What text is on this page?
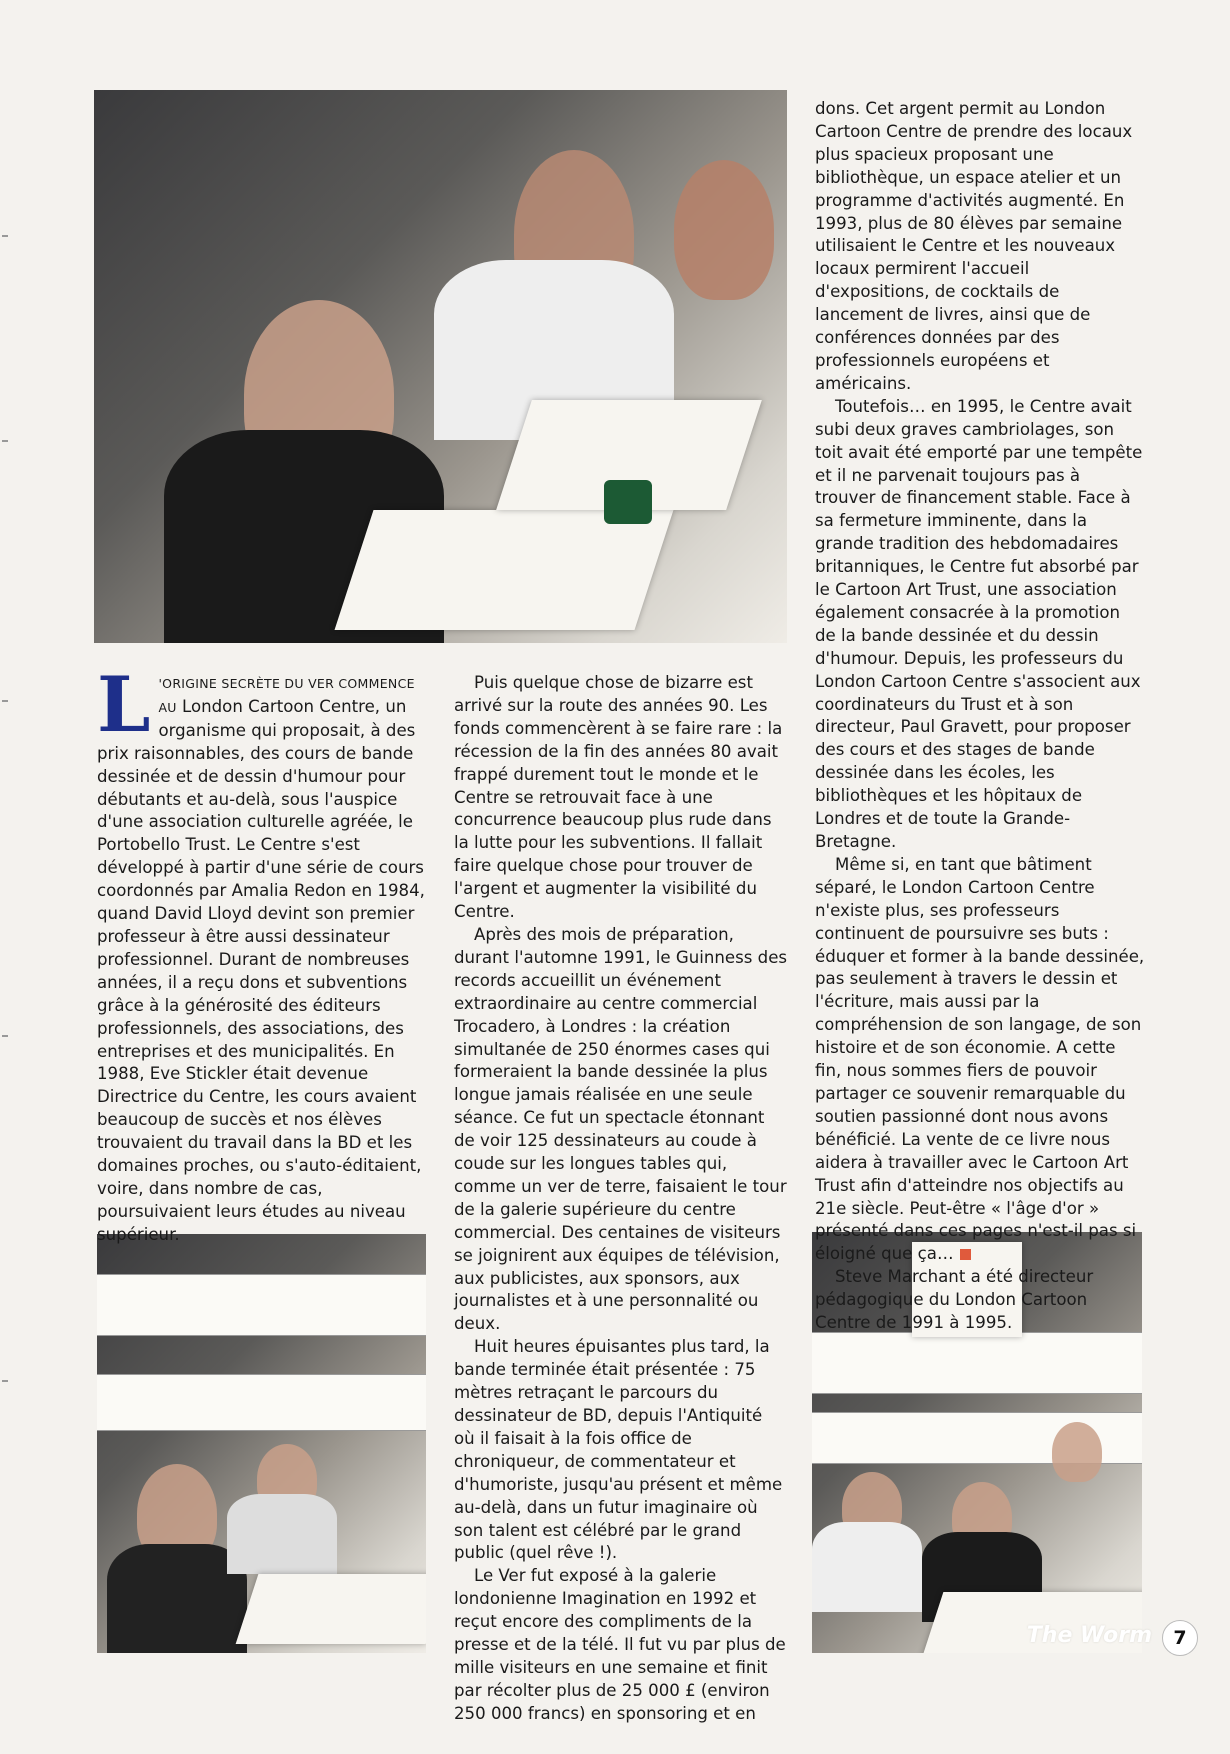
L 'ORIGINE SECRÈTE DU VER COMMENCE AU London Cartoon Centre, un organisme qui proposait, à des prix raisonnables, des cours de bande dessinée et de dessin d'humour pour débutants et au-delà, sous l'auspice d'une association culturelle agréée, le Portobello Trust. Le Centre s'est développé à partir d'une série de cours coordonnés par Amalia Redon en 1984, quand David Lloyd devint son premier professeur à être aussi dessinateur professionnel. Durant de nombreuses années, il a reçu dons et subventions grâce à la générosité des éditeurs professionnels, des associations, des entreprises et des municipalités. En 1988, Eve Stickler était devenue Directrice du Centre, les cours avaient beaucoup de succès et nos élèves trouvaient du travail dans la BD et les domaines proches, ou s'auto-éditaient, voire, dans nombre de cas, poursuivaient leurs études au niveau supérieur.

Puis quelque chose de bizarre est arrivé sur la route des années 90. Les fonds commencèrent à se faire rare : la récession de la fin des années 80 avait frappé durement tout le monde et le Centre se retrouvait face à une concurrence beaucoup plus rude dans la lutte pour les subventions. Il fallait faire quelque chose pour trouver de l'argent et augmenter la visibilité du Centre.

Après des mois de préparation, durant l'automne 1991, le Guinness des records accueillit un événement extraordinaire au centre commercial Trocadero, à Londres : la création simultanée de 250 énormes cases qui formeraient la bande dessinée la plus longue jamais réalisée en une seule séance. Ce fut un spectacle étonnant de voir 125 dessinateurs au coude à coude sur les longues tables qui, comme un ver de terre, faisaient le tour de la galerie supérieure du centre commercial. Des centaines de visiteurs se joignirent aux équipes de télévision, aux publicistes, aux sponsors, aux journalistes et à une personnalité ou deux.

Huit heures épuisantes plus tard, la bande terminée était présentée : 75 mètres retraçant le parcours du dessinateur de BD, depuis l'Antiquité où il faisait à la fois office de chroniqueur, de commentateur et d'humoriste, jusqu'au présent et même au-delà, dans un futur imaginaire où son talent est célébré par le grand public (quel rêve !).

Le Ver fut exposé à la galerie londonienne Imagination en 1992 et reçut encore des compliments de la presse et de la télé. Il fut vu par plus de mille visiteurs en une semaine et finit par récolter plus de 25 000 £ (environ 250 000 francs) en sponsoring et en

dons. Cet argent permit au London Cartoon Centre de prendre des locaux plus spacieux proposant une bibliothèque, un espace atelier et un programme d'activités augmenté. En 1993, plus de 80 élèves par semaine utilisaient le Centre et les nouveaux locaux permirent l'accueil d'expositions, de cocktails de lancement de livres, ainsi que de conférences données par des professionnels européens et américains.

Toutefois… en 1995, le Centre avait subi deux graves cambriolages, son toit avait été emporté par une tempête et il ne parvenait toujours pas à trouver de financement stable. Face à sa fermeture imminente, dans la grande tradition des hebdomadaires britanniques, le Centre fut absorbé par le Cartoon Art Trust, une association également consacrée à la promotion de la bande dessinée et du dessin d'humour. Depuis, les professeurs du London Cartoon Centre s'associent aux coordinateurs du Trust et à son directeur, Paul Gravett, pour proposer des cours et des stages de bande dessinée dans les écoles, les bibliothèques et les hôpitaux de Londres et de toute la Grande-Bretagne.

Même si, en tant que bâtiment séparé, le London Cartoon Centre n'existe plus, ses professeurs continuent de poursuivre ses buts : éduquer et former à la bande dessinée, pas seulement à travers le dessin et l'écriture, mais aussi par la compréhension de son langage, de son histoire et de son économie. A cette fin, nous sommes fiers de pouvoir partager ce souvenir remarquable du soutien passionné dont nous avons bénéficié. La vente de ce livre nous aidera à travailler avec le Cartoon Art Trust afin d'atteindre nos objectifs au 21e siècle. Peut-être « l'âge d'or » présenté dans ces pages n'est-il pas si éloigné que ça…

Steve Marchant a été directeur pédagogique du London Cartoon Centre de 1991 à 1995.

The Worm	7
